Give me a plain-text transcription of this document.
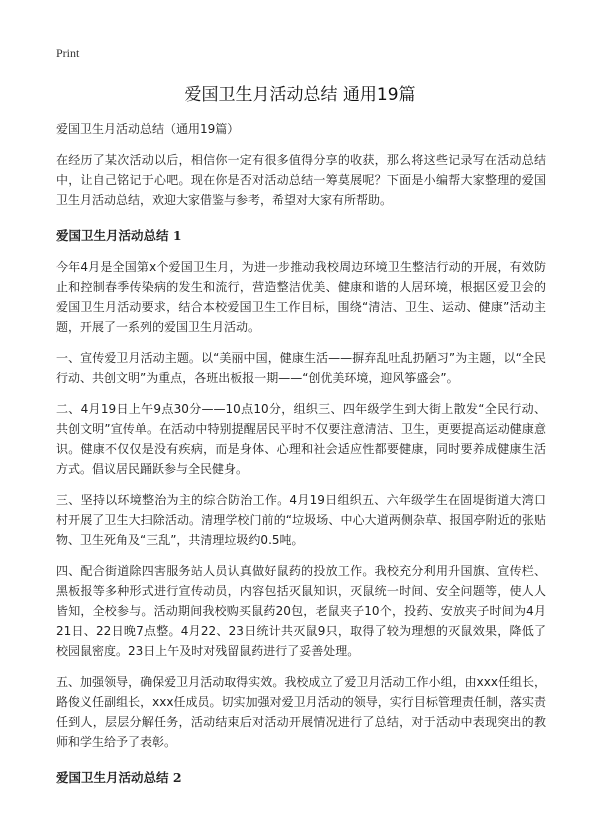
Print
爱国卫生月活动总结 通用19篇

爱国卫生月活动总结（通用19篇）

在经历了某次活动以后，相信你一定有很多值得分享的收获，那么将这些记录写在活动总结中，让自己铭记于心吧。现在你是否对活动总结一筹莫展呢？下面是小编帮大家整理的爱国卫生月活动总结，欢迎大家借鉴与参考，希望对大家有所帮助。

爱国卫生月活动总结 1

今年4月是全国第x个爱国卫生月，为进一步推动我校周边环境卫生整洁行动的开展，有效防止和控制春季传染病的发生和流行，营造整洁优美、健康和谐的人居环境，根据区爱卫会的爱国卫生月活动要求，结合本校爱国卫生工作目标，围绕“清洁、卫生、运动、健康”活动主题，开展了一系列的爱国卫生月活动。

一、宣传爱卫月活动主题。以“美丽中国，健康生活——摒弃乱吐乱扔陋习”为主题，以“全民行动、共创文明”为重点，各班出板报一期——“创优美环境，迎风筝盛会”。

二、4月19日上午9点30分——10点10分，组织三、四年级学生到大街上散发“全民行动、共创文明”宣传单。在活动中特别提醒居民平时不仅要注意清洁、卫生，更要提高运动健康意识。健康不仅仅是没有疾病，而是身体、心理和社会适应性都要健康，同时要养成健康生活方式。倡议居民踊跃参与全民健身。

三、坚持以环境整治为主的综合防治工作。4月19日组织五、六年级学生在固堤街道大湾口村开展了卫生大扫除活动。清理学校门前的“垃圾场、中心大道两侧杂草、报国亭附近的张贴物、卫生死角及“三乱”，共清理垃圾约0.5吨。

四、配合街道除四害服务站人员认真做好鼠药的投放工作。我校充分利用升国旗、宣传栏、黑板报等多种形式进行宣传动员，内容包括灭鼠知识，灭鼠统一时间、安全问题等，使人人皆知，全校参与。活动期间我校购买鼠药20包，老鼠夹子10个，投药、安放夹子时间为4月21日、22日晚7点整。4月22、23日统计共灭鼠9只，取得了较为理想的灭鼠效果，降低了校园鼠密度。23日上午及时对残留鼠药进行了妥善处理。

五、加强领导，确保爱卫月活动取得实效。我校成立了爱卫月活动工作小组，由xxx任组长，路俊义任副组长，xxx任成员。切实加强对爱卫月活动的领导，实行目标管理责任制，落实责任到人，层层分解任务，活动结束后对活动开展情况进行了总结，对于活动中表现突出的教师和学生给予了表彰。

爱国卫生月活动总结 2
